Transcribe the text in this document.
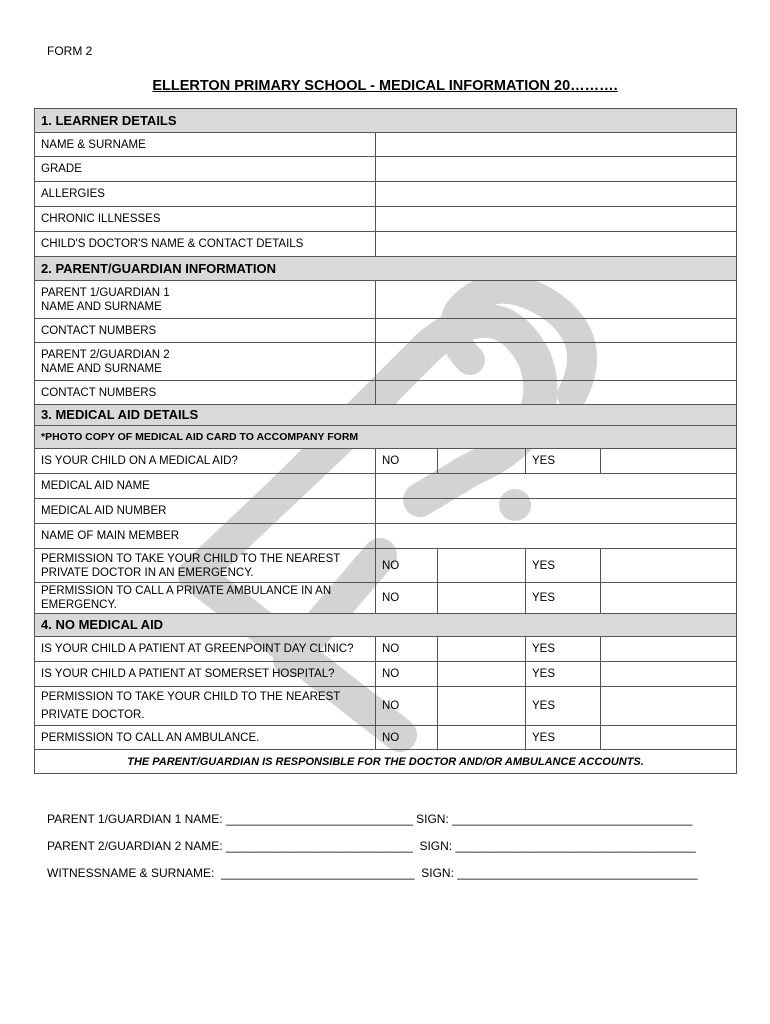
FORM 2
ELLERTON PRIMARY SCHOOL - MEDICAL INFORMATION 20……….
1. LEARNER DETAILS				
NAME & SURNAME				
GRADE				
ALLERGIES				
CHRONIC ILLNESSES				
CHILD'S DOCTOR'S NAME & CONTACT DETAILS				
2. PARENT/GUARDIAN INFORMATION				
PARENT 1/GUARDIAN 1
NAME AND SURNAME				
CONTACT NUMBERS				
PARENT 2/GUARDIAN 2
NAME AND SURNAME				
CONTACT NUMBERS				
3. MEDICAL AID DETAILS				
*PHOTO COPY OF MEDICAL AID CARD TO ACCOMPANY FORM				
IS YOUR CHILD ON A MEDICAL AID?	NO		YES	
MEDICAL AID NAME				
MEDICAL AID NUMBER				
NAME OF MAIN MEMBER				
PERMISSION TO TAKE YOUR CHILD TO THE NEAREST PRIVATE DOCTOR IN AN EMERGENCY.	NO		YES	
PERMISSION TO CALL A PRIVATE AMBULANCE IN AN EMERGENCY.	NO		YES	
4. NO MEDICAL AID				
IS YOUR CHILD A PATIENT AT GREENPOINT DAY CLINIC?	NO		YES	
IS YOUR CHILD A PATIENT AT SOMERSET HOSPITAL?	NO		YES	
PERMISSION TO TAKE YOUR CHILD TO THE NEAREST PRIVATE DOCTOR.	NO		YES	
PERMISSION TO CALL AN AMBULANCE.	NO		YES	
THE PARENT/GUARDIAN IS RESPONSIBLE FOR THE DOCTOR AND/OR AMBULANCE ACCOUNTS.				
PARENT 1/GUARDIAN 1 NAME: ____________________________ SIGN: ____________________________________
PARENT 2/GUARDIAN 2 NAME: ____________________________  SIGN: ____________________________________
WITNESSNAME & SURNAME:  _____________________________  SIGN: ____________________________________
